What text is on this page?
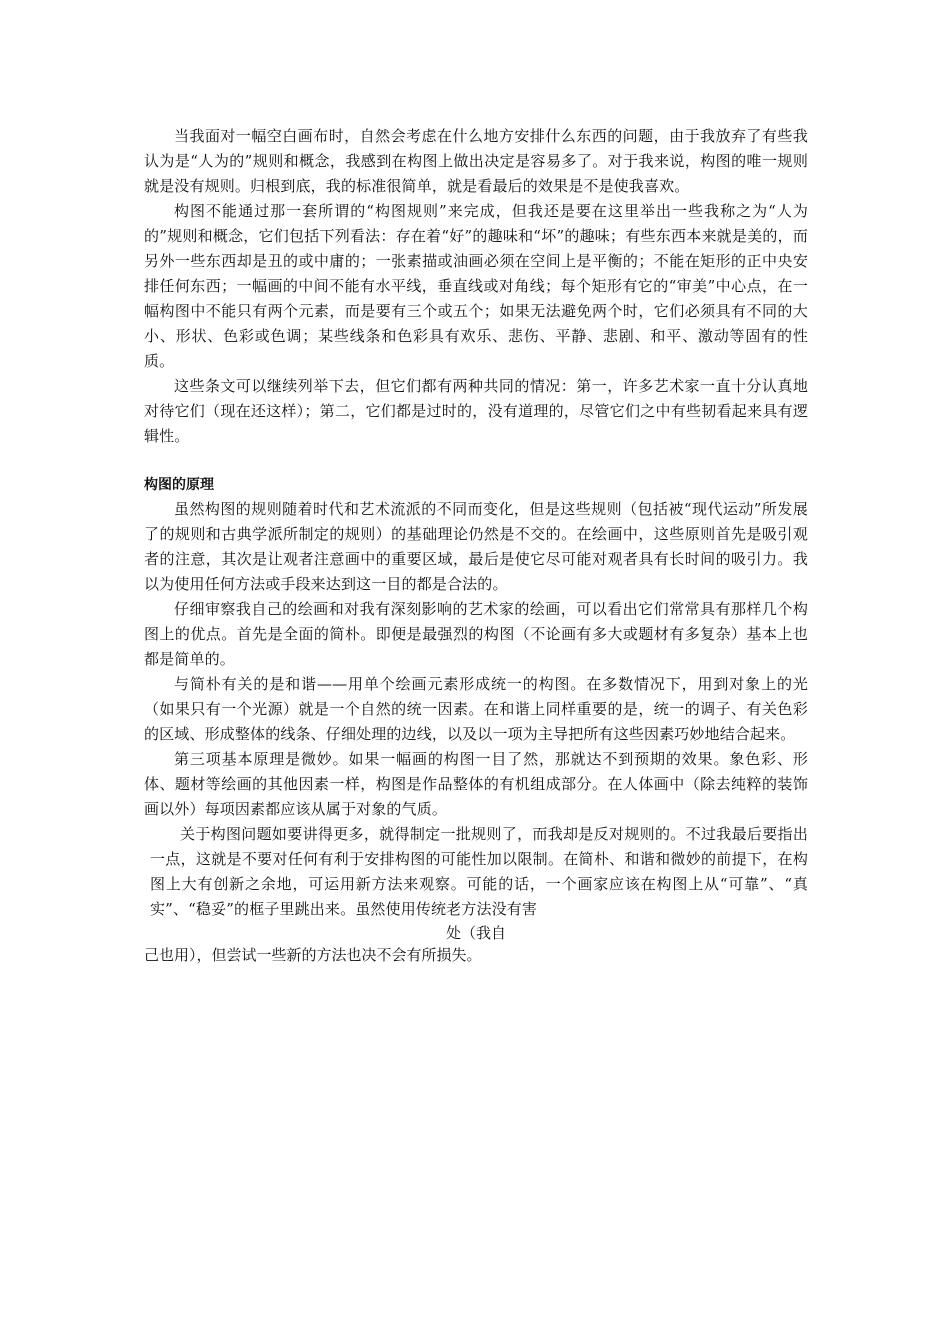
当我面对一幅空白画布时，自然会考虑在什么地方安排什么东西的问题，由于我放弃了有些我认为是“人为的”规则和概念，我感到在构图上做出决定是容易多了。对于我来说，构图的唯一规则就是没有规则。归根到底，我的标准很简单，就是看最后的效果是不是使我喜欢。

构图不能通过那一套所谓的“构图规则”来完成，但我还是要在这里举出一些我称之为“人为的”规则和概念，它们包括下列看法：存在着“好”的趣味和“坏”的趣味；有些东西本来就是美的，而另外一些东西却是丑的或中庸的；一张素描或油画必须在空间上是平衡的；不能在矩形的正中央安排任何东西；一幅画的中间不能有水平线，垂直线或对角线；每个矩形有它的“审美”中心点，在一幅构图中不能只有两个元素，而是要有三个或五个；如果无法避免两个时，它们必须具有不同的大小、形状、色彩或色调；某些线条和色彩具有欢乐、悲伤、平静、悲剧、和平、激动等固有的性质。

这些条文可以继续列举下去，但它们都有两种共同的情况：第一，许多艺术家一直十分认真地对待它们（现在还这样）；第二，它们都是过时的，没有道理的，尽管它们之中有些韧看起来具有逻辑性。

构图的原理

虽然构图的规则随着时代和艺术流派的不同而变化，但是这些规则（包括被“现代运动”所发展了的规则和古典学派所制定的规则）的基础理论仍然是不交的。在绘画中，这些原则首先是吸引观者的注意，其次是让观者注意画中的重要区域，最后是使它尽可能对观者具有长时间的吸引力。我以为使用任何方法或手段来达到这一目的都是合法的。

仔细审察我自己的绘画和对我有深刻影响的艺术家的绘画，可以看出它们常常具有那样几个构图上的优点。首先是全面的简朴。即便是最强烈的构图（不论画有多大或题材有多复杂）基本上也都是简单的。

与简朴有关的是和谐——用单个绘画元素形成统一的构图。在多数情况下，用到对象上的光（如果只有一个光源）就是一个自然的统一因素。在和谐上同样重要的是，统一的调子、有关色彩的区域、形成整体的线条、仔细处理的边线，以及以一项为主导把所有这些因素巧妙地结合起来。

第三项基本原理是微妙。如果一幅画的构图一目了然，那就达不到预期的效果。象色彩、形体、题材等绘画的其他因素一样，构图是作品整体的有机组成部分。在人体画中（除去纯粹的装饰画以外）每项因素都应该从属于对象的气质。

关于构图问题如要讲得更多，就得制定一批规则了，而我却是反对规则的。不过我最后要指出一点，这就是不要对任何有利于安排构图的可能性加以限制。在简朴、和谐和微妙的前提下，在构图上大有创新之余地，可运用新方法来观察。可能的话，一个画家应该在构图上从“可靠”、“真实”、“稳妥”的框子里跳出来。虽然使用传统老方法没有害

处（我自

己也用），但尝试一些新的方法也决不会有所损失。
